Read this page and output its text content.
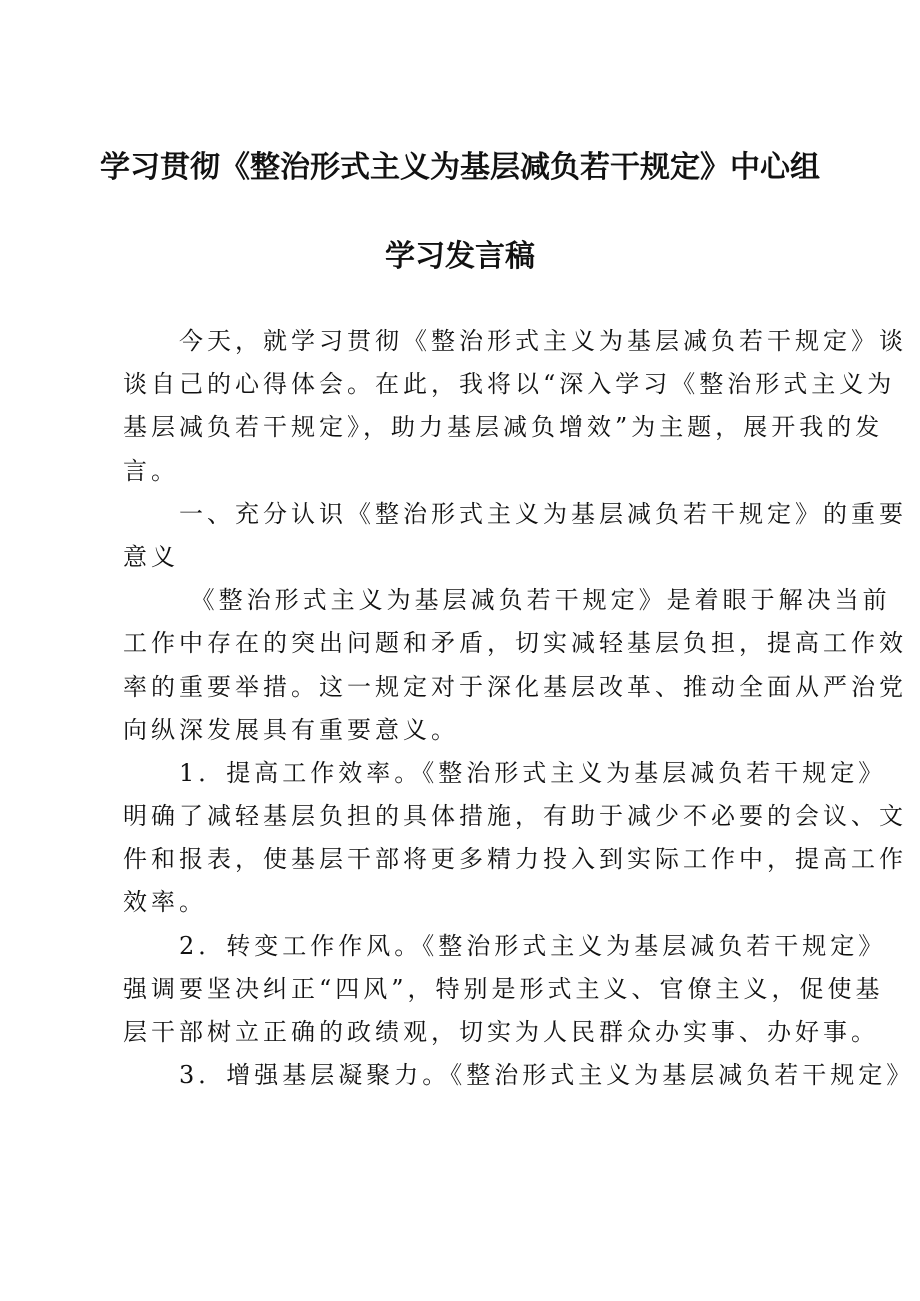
学习贯彻《整治形式主义为基层减负若干规定》中心组
学习发言稿

　　今天，就学习贯彻《整治形式主义为基层减负若干规定》谈
谈自己的心得体会。在此，我将以“深入学习《整治形式主义为
基层减负若干规定》，助力基层减负增效”为主题，展开我的发
言。

　　一、充分认识《整治形式主义为基层减负若干规定》的重要
意义

　　 《整治形式主义为基层减负若干规定》是着眼于解决当前
工作中存在的突出问题和矛盾，切实减轻基层负担，提高工作效
率的重要举措。这一规定对于深化基层改革、推动全面从严治党
向纵深发展具有重要意义。

　　1．提高工作效率。《整治形式主义为基层减负若干规定》
明确了减轻基层负担的具体措施，有助于减少不必要的会议、文
件和报表，使基层干部将更多精力投入到实际工作中，提高工作
效率。

　　2．转变工作作风。《整治形式主义为基层减负若干规定》
强调要坚决纠正“四风”，特别是形式主义、官僚主义，促使基
层干部树立正确的政绩观，切实为人民群众办实事、办好事。

　　3．增强基层凝聚力。《整治形式主义为基层减负若干规定》
